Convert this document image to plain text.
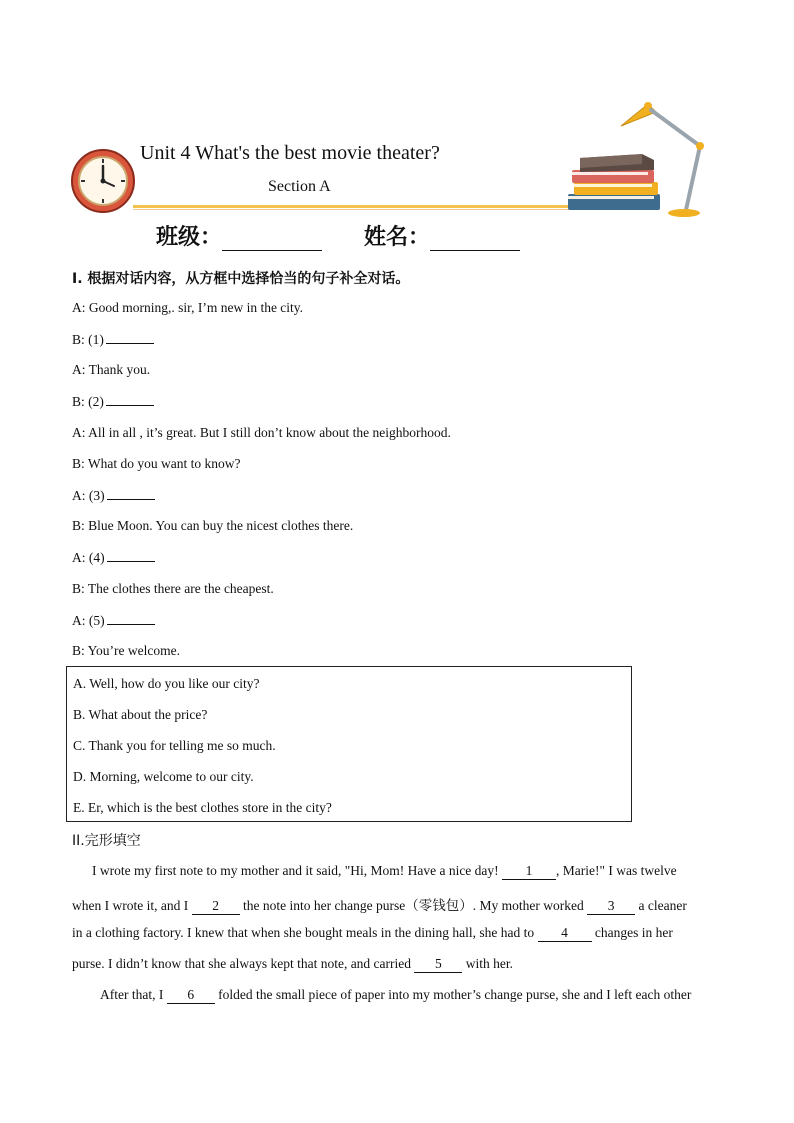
Unit 4 What's the best movie theater?
Section A
班级：	姓名：
I. 根据对话内容，从方框中选择恰当的句子补全对话。
A: Good morning,. sir, I’m new in the city.
B: (1)
A: Thank you.
B: (2)
A: All in all , it’s great. But I still don’t know about the neighborhood.
B: What do you want to know?
A: (3)
B: Blue Moon. You can buy the nicest clothes there.
A: (4)
B: The clothes there are the cheapest.
A: (5)
B: You’re welcome.
A. Well, how do you like our city?
B. What about the price?
C. Thank you for telling me so much.
D. Morning, welcome to our city.
E. Er, which is the best clothes store in the city?
II.完形填空
I wrote my first note to my mother and it said, "Hi, Mom! Have a nice day! 1 , Marie!" I was twelve
when I wrote it, and I 2 the note into her change purse（零钱包）. My mother worked 3 a cleaner
in a clothing factory. I knew that when she bought meals in the dining hall, she had to 4 changes in her
purse. I didn’t know that she always kept that note, and carried 5 with her.
After that, I 6 folded the small piece of paper into my mother’s change purse, she and I left each other
